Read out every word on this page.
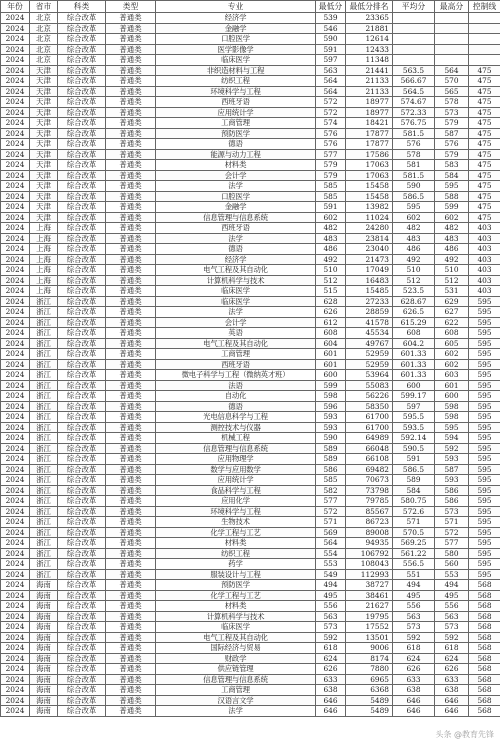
年份	省市	科类	类型	专业	最低分	最低分排名	平均分	最高分	控制线
2024	北京	综合改革	普通类	经济学	539	23365			
2024	北京	综合改革	普通类	金融学	546	21881			
2024	北京	综合改革	普通类	口腔医学	590	12614			
2024	北京	综合改革	普通类	医学影像学	591	12433			
2024	北京	综合改革	普通类	临床医学	597	11348			
2024	天津	综合改革	普通类	非织造材料与工程	563	21441	563.5	564	475
2024	天津	综合改革	普通类	纺织工程	564	21133	566.67	570	475
2024	天津	综合改革	普通类	环境科学与工程	564	21133	564.5	565	475
2024	天津	综合改革	普通类	西班牙语	572	18977	574.67	578	475
2024	天津	综合改革	普通类	应用统计学	572	18977	572.33	573	475
2024	天津	综合改革	普通类	工商管理	574	18421	576.75	579	475
2024	天津	综合改革	普通类	预防医学	576	17877	581.5	587	475
2024	天津	综合改革	普通类	德语	576	17877	576	576	475
2024	天津	综合改革	普通类	能源与动力工程	577	17586	578	579	475
2024	天津	综合改革	普通类	材料类	579	17063	581	583	475
2024	天津	综合改革	普通类	会计学	579	17063	581.5	584	475
2024	天津	综合改革	普通类	法学	585	15458	590	595	475
2024	天津	综合改革	普通类	口腔医学	585	15458	586.5	588	475
2024	天津	综合改革	普通类	金融学	591	13982	595	599	475
2024	天津	综合改革	普通类	信息管理与信息系统	602	11024	602	602	475
2024	上海	综合改革	普通类	西班牙语	482	24280	482	482	403
2024	上海	综合改革	普通类	法学	483	23814	483	483	403
2024	上海	综合改革	普通类	德语	486	23040	486	486	403
2024	上海	综合改革	普通类	经济学	492	21473	492	492	403
2024	上海	综合改革	普通类	电气工程及其自动化	510	17049	510	510	403
2024	上海	综合改革	普通类	计算机科学与技术	512	16483	512	512	403
2024	上海	综合改革	普通类	临床医学	515	15485	523.5	531	403
2024	浙江	综合改革	普通类	临床医学	628	27233	628.67	629	595
2024	浙江	综合改革	普通类	法学	626	28859	626.5	627	595
2024	浙江	综合改革	普通类	会计学	612	41578	615.29	622	595
2024	浙江	综合改革	普通类	英语	608	45534	608	608	595
2024	浙江	综合改革	普通类	电气工程及其自动化	604	49767	604.2	605	595
2024	浙江	综合改革	普通类	工商管理	601	52959	601.33	602	595
2024	浙江	综合改革	普通类	西班牙语	601	52959	601.33	602	595
2024	浙江	综合改革	普通类	微电子科学与工程（微纳英才班）	600	53964	601.33	603	595
2024	浙江	综合改革	普通类	法语	599	55083	600	601	595
2024	浙江	综合改革	普通类	自动化	598	56226	599.17	600	595
2024	浙江	综合改革	普通类	德语	596	58350	597	598	595
2024	浙江	综合改革	普通类	光电信息科学与工程	593	61700	595.5	598	595
2024	浙江	综合改革	普通类	测控技术与仪器	593	61700	593.5	595	595
2024	浙江	综合改革	普通类	机械工程	590	64989	592.14	594	595
2024	浙江	综合改革	普通类	信息管理与信息系统	589	66048	590.5	592	595
2024	浙江	综合改革	普通类	应用物理学	589	66108	591	593	595
2024	浙江	综合改革	普通类	数学与应用数学	586	69482	586.5	587	595
2024	浙江	综合改革	普通类	应用统计学	585	70673	589	593	595
2024	浙江	综合改革	普通类	食品科学与工程	582	73798	584	586	595
2024	浙江	综合改革	普通类	应用化学	577	79785	580.75	586	595
2024	浙江	综合改革	普通类	环境科学与工程	572	85567	572.6	573	595
2024	浙江	综合改革	普通类	生物技术	571	86723	571	571	595
2024	浙江	综合改革	普通类	化学工程与工艺	569	89008	570.5	572	595
2024	浙江	综合改革	普通类	材料类	564	94935	569.25	577	595
2024	浙江	综合改革	普通类	纺织工程	554	106792	561.22	580	595
2024	浙江	综合改革	普通类	药学	553	108043	556.5	560	595
2024	浙江	综合改革	普通类	服装设计与工程	549	112993	551	553	595
2024	海南	综合改革	普通类	预防医学	494	38727	494	494	568
2024	海南	综合改革	普通类	化学工程与工艺	495	38461	495	495	568
2024	海南	综合改革	普通类	材料类	556	21627	556	556	568
2024	海南	综合改革	普通类	计算机科学与技术	563	19795	563	563	568
2024	海南	综合改革	普通类	临床医学	573	17552	573	573	568
2024	海南	综合改革	普通类	电气工程及其自动化	592	13501	592	592	568
2024	海南	综合改革	普通类	国际经济与贸易	618	9006	618	618	568
2024	海南	综合改革	普通类	财政学	624	8174	624	624	568
2024	海南	综合改革	普通类	供应链管理	626	7880	626	626	568
2024	海南	综合改革	普通类	信息管理与信息系统	633	6965	633	633	568
2024	海南	综合改革	普通类	工商管理	638	6368	638	638	568
2024	海南	综合改革	普通类	汉语言文学	646	5489	646	646	568
2024	海南	综合改革	普通类	法学	646	5489	646	646	568
头条 @教育先锋
